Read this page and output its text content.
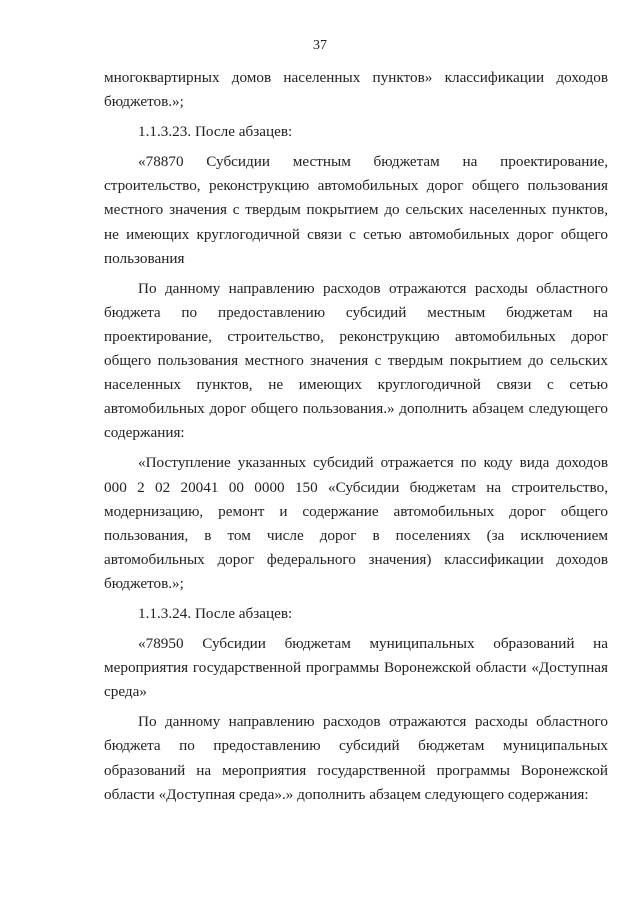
37

многоквартирных домов населенных пунктов» классификации доходов бюджетов.»;

1.1.3.23. После абзацев:

«78870 Субсидии местным бюджетам на проектирование, строительство, реконструкцию автомобильных дорог общего пользования местного значения с твердым покрытием до сельских населенных пунктов, не имеющих круглогодичной связи с сетью автомобильных дорог общего пользования

По данному направлению расходов отражаются расходы областного бюджета по предоставлению субсидий местным бюджетам на проектирование, строительство, реконструкцию автомобильных дорог общего пользования местного значения с твердым покрытием до сельских населенных пунктов, не имеющих круглогодичной связи с сетью автомобильных дорог общего пользования.» дополнить абзацем следующего содержания:

«Поступление указанных субсидий отражается по коду вида доходов 000 2 02 20041 00 0000 150 «Субсидии бюджетам на строительство, модернизацию, ремонт и содержание автомобильных дорог общего пользования, в том числе дорог в поселениях (за исключением автомобильных дорог федерального значения) классификации доходов бюджетов.»;

1.1.3.24. После абзацев:

«78950 Субсидии бюджетам муниципальных образований на мероприятия государственной программы Воронежской области «Доступная среда»

По данному направлению расходов отражаются расходы областного бюджета по предоставлению субсидий бюджетам муниципальных образований на мероприятия государственной программы Воронежской области «Доступная среда».» дополнить абзацем следующего содержания:
